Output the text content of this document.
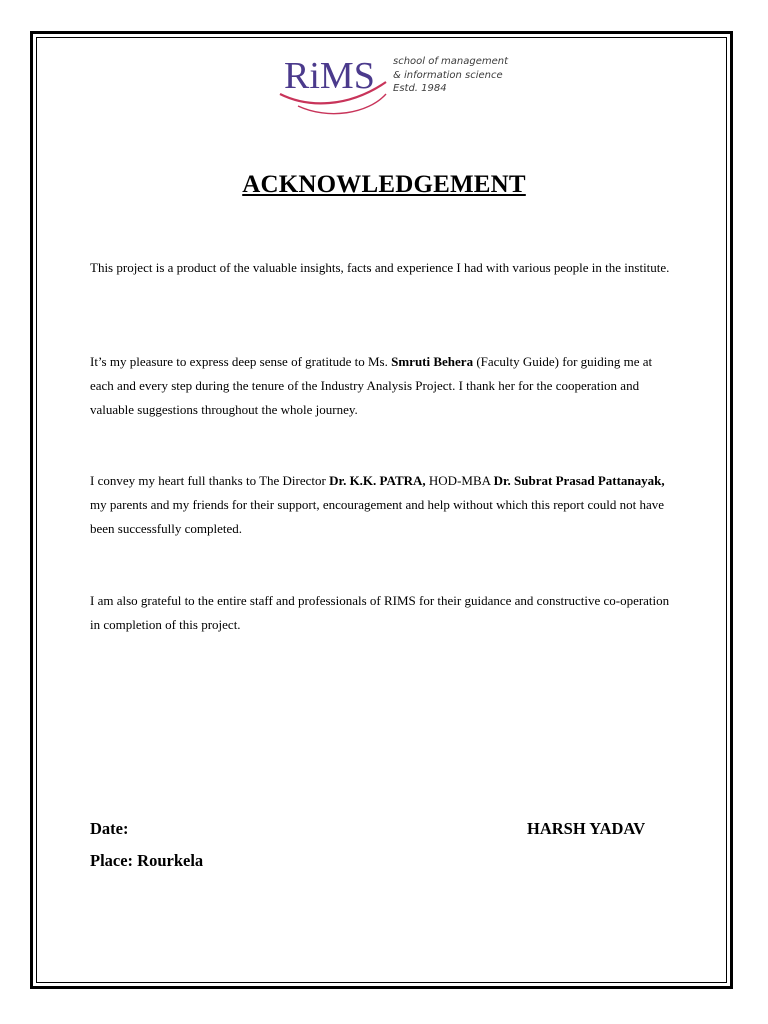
RiMS school of management
& information science
Estd. 1984
ACKNOWLEDGEMENT
This project is a product of the valuable insights, facts and experience I had with various people in the institute.
It’s my pleasure to express deep sense of gratitude to Ms. Smruti Behera (Faculty Guide) for guiding me at each and every step during the tenure of the Industry Analysis Project. I thank her for the cooperation and valuable suggestions throughout the whole journey.
I convey my heart full thanks to The Director Dr. K.K. PATRA, HOD-MBA Dr. Subrat Prasad Pattanayak, my parents and my friends for their support, encouragement and help without which this report could not have been successfully completed.
I am also grateful to the entire staff and professionals of RIMS for their guidance and constructive co-operation in completion of this project.
Date:
Place: Rourkela
HARSH YADAV
